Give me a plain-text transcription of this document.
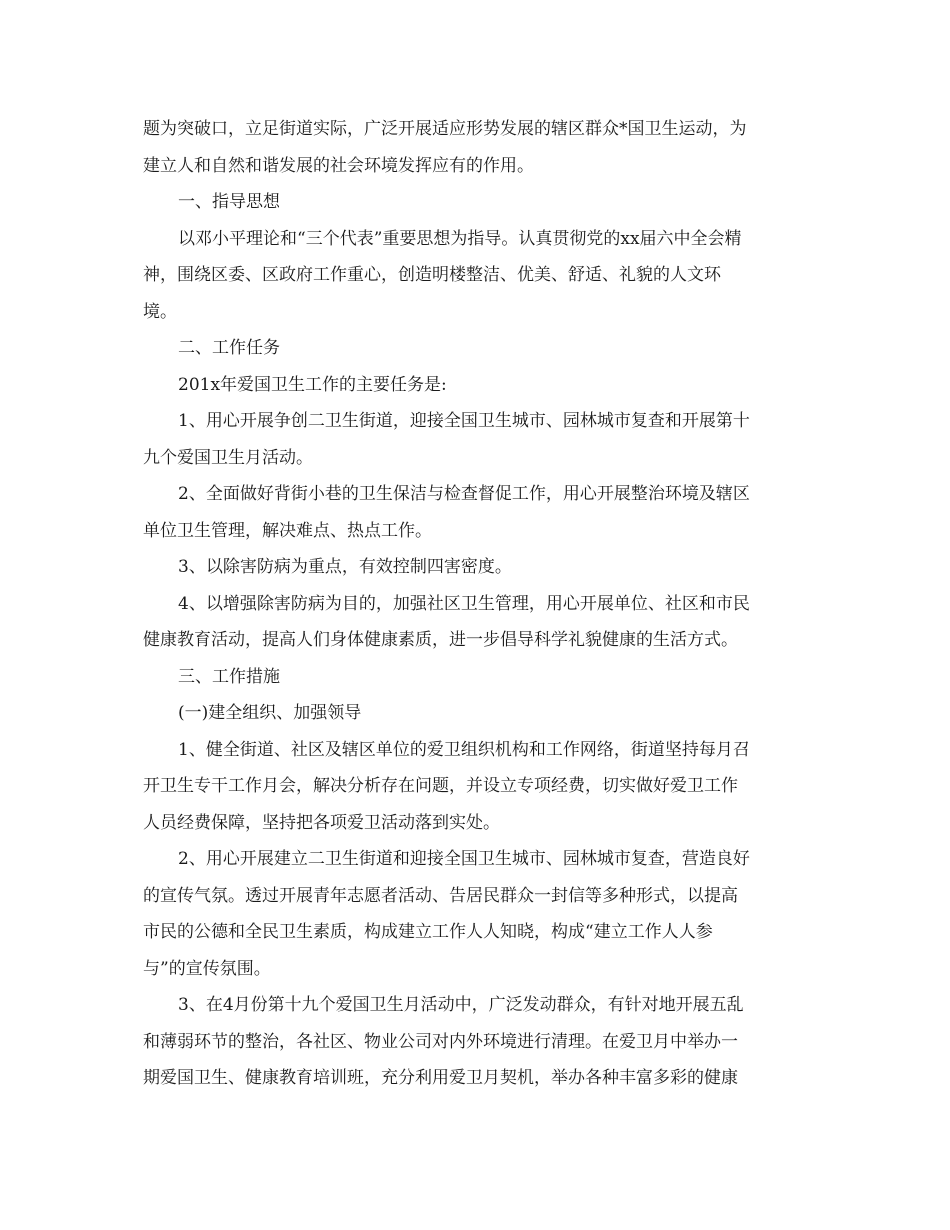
题为突破口，立足街道实际，广泛开展适应形势发展的辖区群众*国卫生运动，为
建立人和自然和谐发展的社会环境发挥应有的作用。
一、指导思想
以邓小平理论和“三个代表”重要思想为指导。认真贯彻党的xx届六中全会精
神，围绕区委、区政府工作重心，创造明楼整洁、优美、舒适、礼貌的人文环
境。
二、工作任务
201x年爱国卫生工作的主要任务是:
1、用心开展争创二卫生街道，迎接全国卫生城市、园林城市复查和开展第十
九个爱国卫生月活动。
2、全面做好背街小巷的卫生保洁与检查督促工作，用心开展整治环境及辖区
单位卫生管理，解决难点、热点工作。
3、以除害防病为重点，有效控制四害密度。
4、以增强除害防病为目的，加强社区卫生管理，用心开展单位、社区和市民
健康教育活动，提高人们身体健康素质，进一步倡导科学礼貌健康的生活方式。
三、工作措施
(一)建全组织、加强领导
1、健全街道、社区及辖区单位的爱卫组织机构和工作网络，街道坚持每月召
开卫生专干工作月会，解决分析存在问题，并设立专项经费，切实做好爱卫工作
人员经费保障，坚持把各项爱卫活动落到实处。
2、用心开展建立二卫生街道和迎接全国卫生城市、园林城市复查，营造良好
的宣传气氛。透过开展青年志愿者活动、告居民群众一封信等多种形式，以提高
市民的公德和全民卫生素质，构成建立工作人人知晓，构成“建立工作人人参
与”的宣传氛围。
3、在4月份第十九个爱国卫生月活动中，广泛发动群众，有针对地开展五乱
和薄弱环节的整治，各社区、物业公司对内外环境进行清理。在爱卫月中举办一
期爱国卫生、健康教育培训班，充分利用爱卫月契机，举办各种丰富多彩的健康
